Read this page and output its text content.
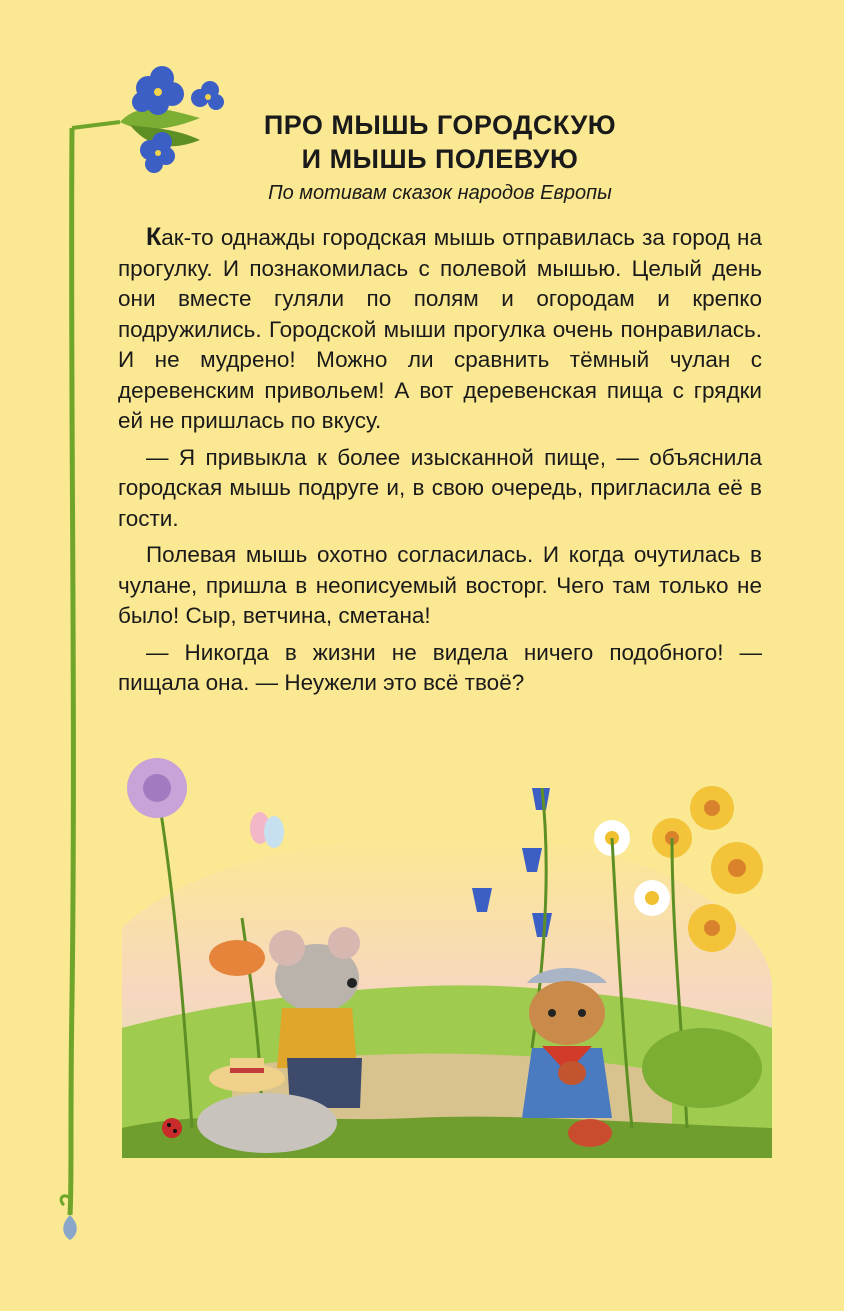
ПРО МЫШЬ ГОРОДСКУЮ
И МЫШЬ ПОЛЕВУЮ
По мотивам сказок народов Европы

Как-то однажды городская мышь отправилась за город на прогулку. И познакомилась с полевой мышью. Целый день они вместе гуляли по полям и огородам и крепко подружились. Городской мыши прогулка очень понравилась. И не мудрено! Можно ли сравнить тёмный чулан с деревенским привольем! А вот деревенская пища с грядки ей не пришлась по вкусу.

— Я привыкла к более изысканной пище, — объяснила городская мышь подруге и, в свою очередь, пригласила её в гости.

Полевая мышь охотно согласилась. И когда очутилась в чулане, пришла в неописуемый восторг. Чего там только не было! Сыр, ветчина, сметана!

— Никогда в жизни не видела ничего подобного! — пищала она. — Неужели это всё твоё?
